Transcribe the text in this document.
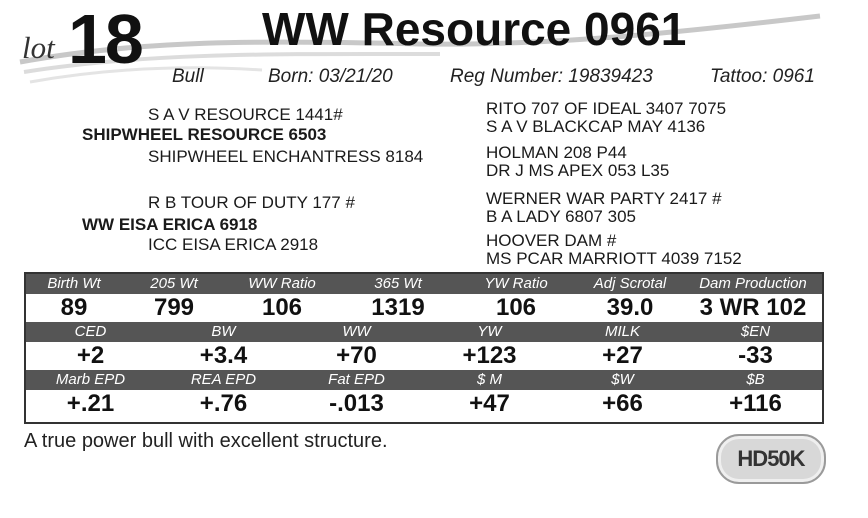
lot 18	WW Resource 0961
Bull	Born: 03/21/20	Reg Number: 19839423	Tattoo: 0961
S A V RESOURCE 1441#
SHIPWHEEL RESOURCE 6503
SHIPWHEEL ENCHANTRESS 8184
R B TOUR OF DUTY 177 #
WW EISA ERICA 6918
ICC EISA ERICA 2918
RITO 707 OF IDEAL 3407 7075
S A V BLACKCAP MAY 4136
HOLMAN 208 P44
DR J MS APEX 053 L35
WERNER WAR PARTY 2417 #
B A LADY 6807 305
HOOVER DAM #
MS PCAR MARRIOTT 4039 7152
Birth Wt	205 Wt	WW Ratio	365 Wt	YW Ratio	Adj Scrotal	Dam Production
89	799	106	1319	106	39.0	3 WR 102
CED	BW	WW	YW	MILK	$EN
+2	+3.4	+70	+123	+27	-33
Marb EPD	REA EPD	Fat EPD	$ M	$W	$B
+.21	+.76	-.013	+47	+66	+116
A true power bull with excellent structure.
HD50K
